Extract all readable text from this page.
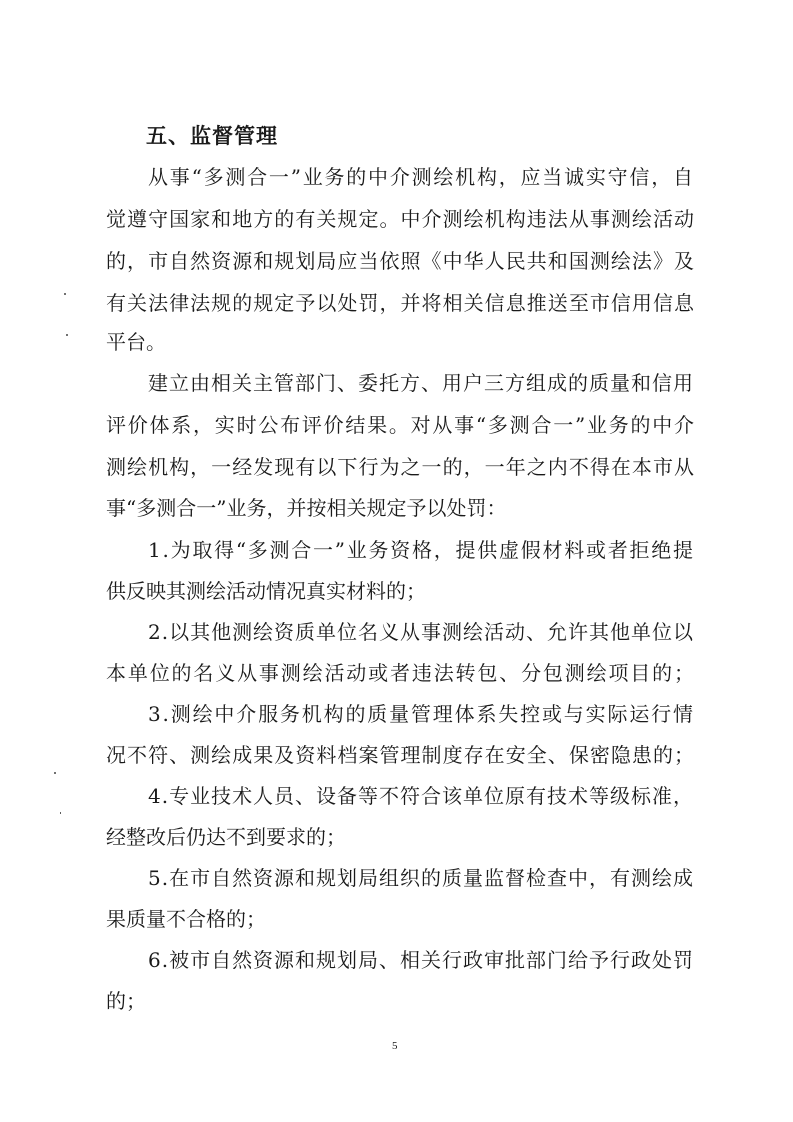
五、监督管理
从事“多测合一”业务的中介测绘机构，应当诚实守信，自
觉遵守国家和地方的有关规定。中介测绘机构违法从事测绘活动
的，市自然资源和规划局应当依照《中华人民共和国测绘法》及
有关法律法规的规定予以处罚，并将相关信息推送至市信用信息
平台。
建立由相关主管部门、委托方、用户三方组成的质量和信用
评价体系，实时公布评价结果。对从事“多测合一”业务的中介
测绘机构，一经发现有以下行为之一的，一年之内不得在本市从
事“多测合一”业务，并按相关规定予以处罚：
1.为取得“多测合一”业务资格，提供虚假材料或者拒绝提
供反映其测绘活动情况真实材料的；
2.以其他测绘资质单位名义从事测绘活动、允许其他单位以
本单位的名义从事测绘活动或者违法转包、分包测绘项目的；
3.测绘中介服务机构的质量管理体系失控或与实际运行情
况不符、测绘成果及资料档案管理制度存在安全、保密隐患的；
4.专业技术人员、设备等不符合该单位原有技术等级标准，
经整改后仍达不到要求的；
5.在市自然资源和规划局组织的质量监督检查中，有测绘成
果质量不合格的；
6.被市自然资源和规划局、相关行政审批部门给予行政处罚
的；
5
